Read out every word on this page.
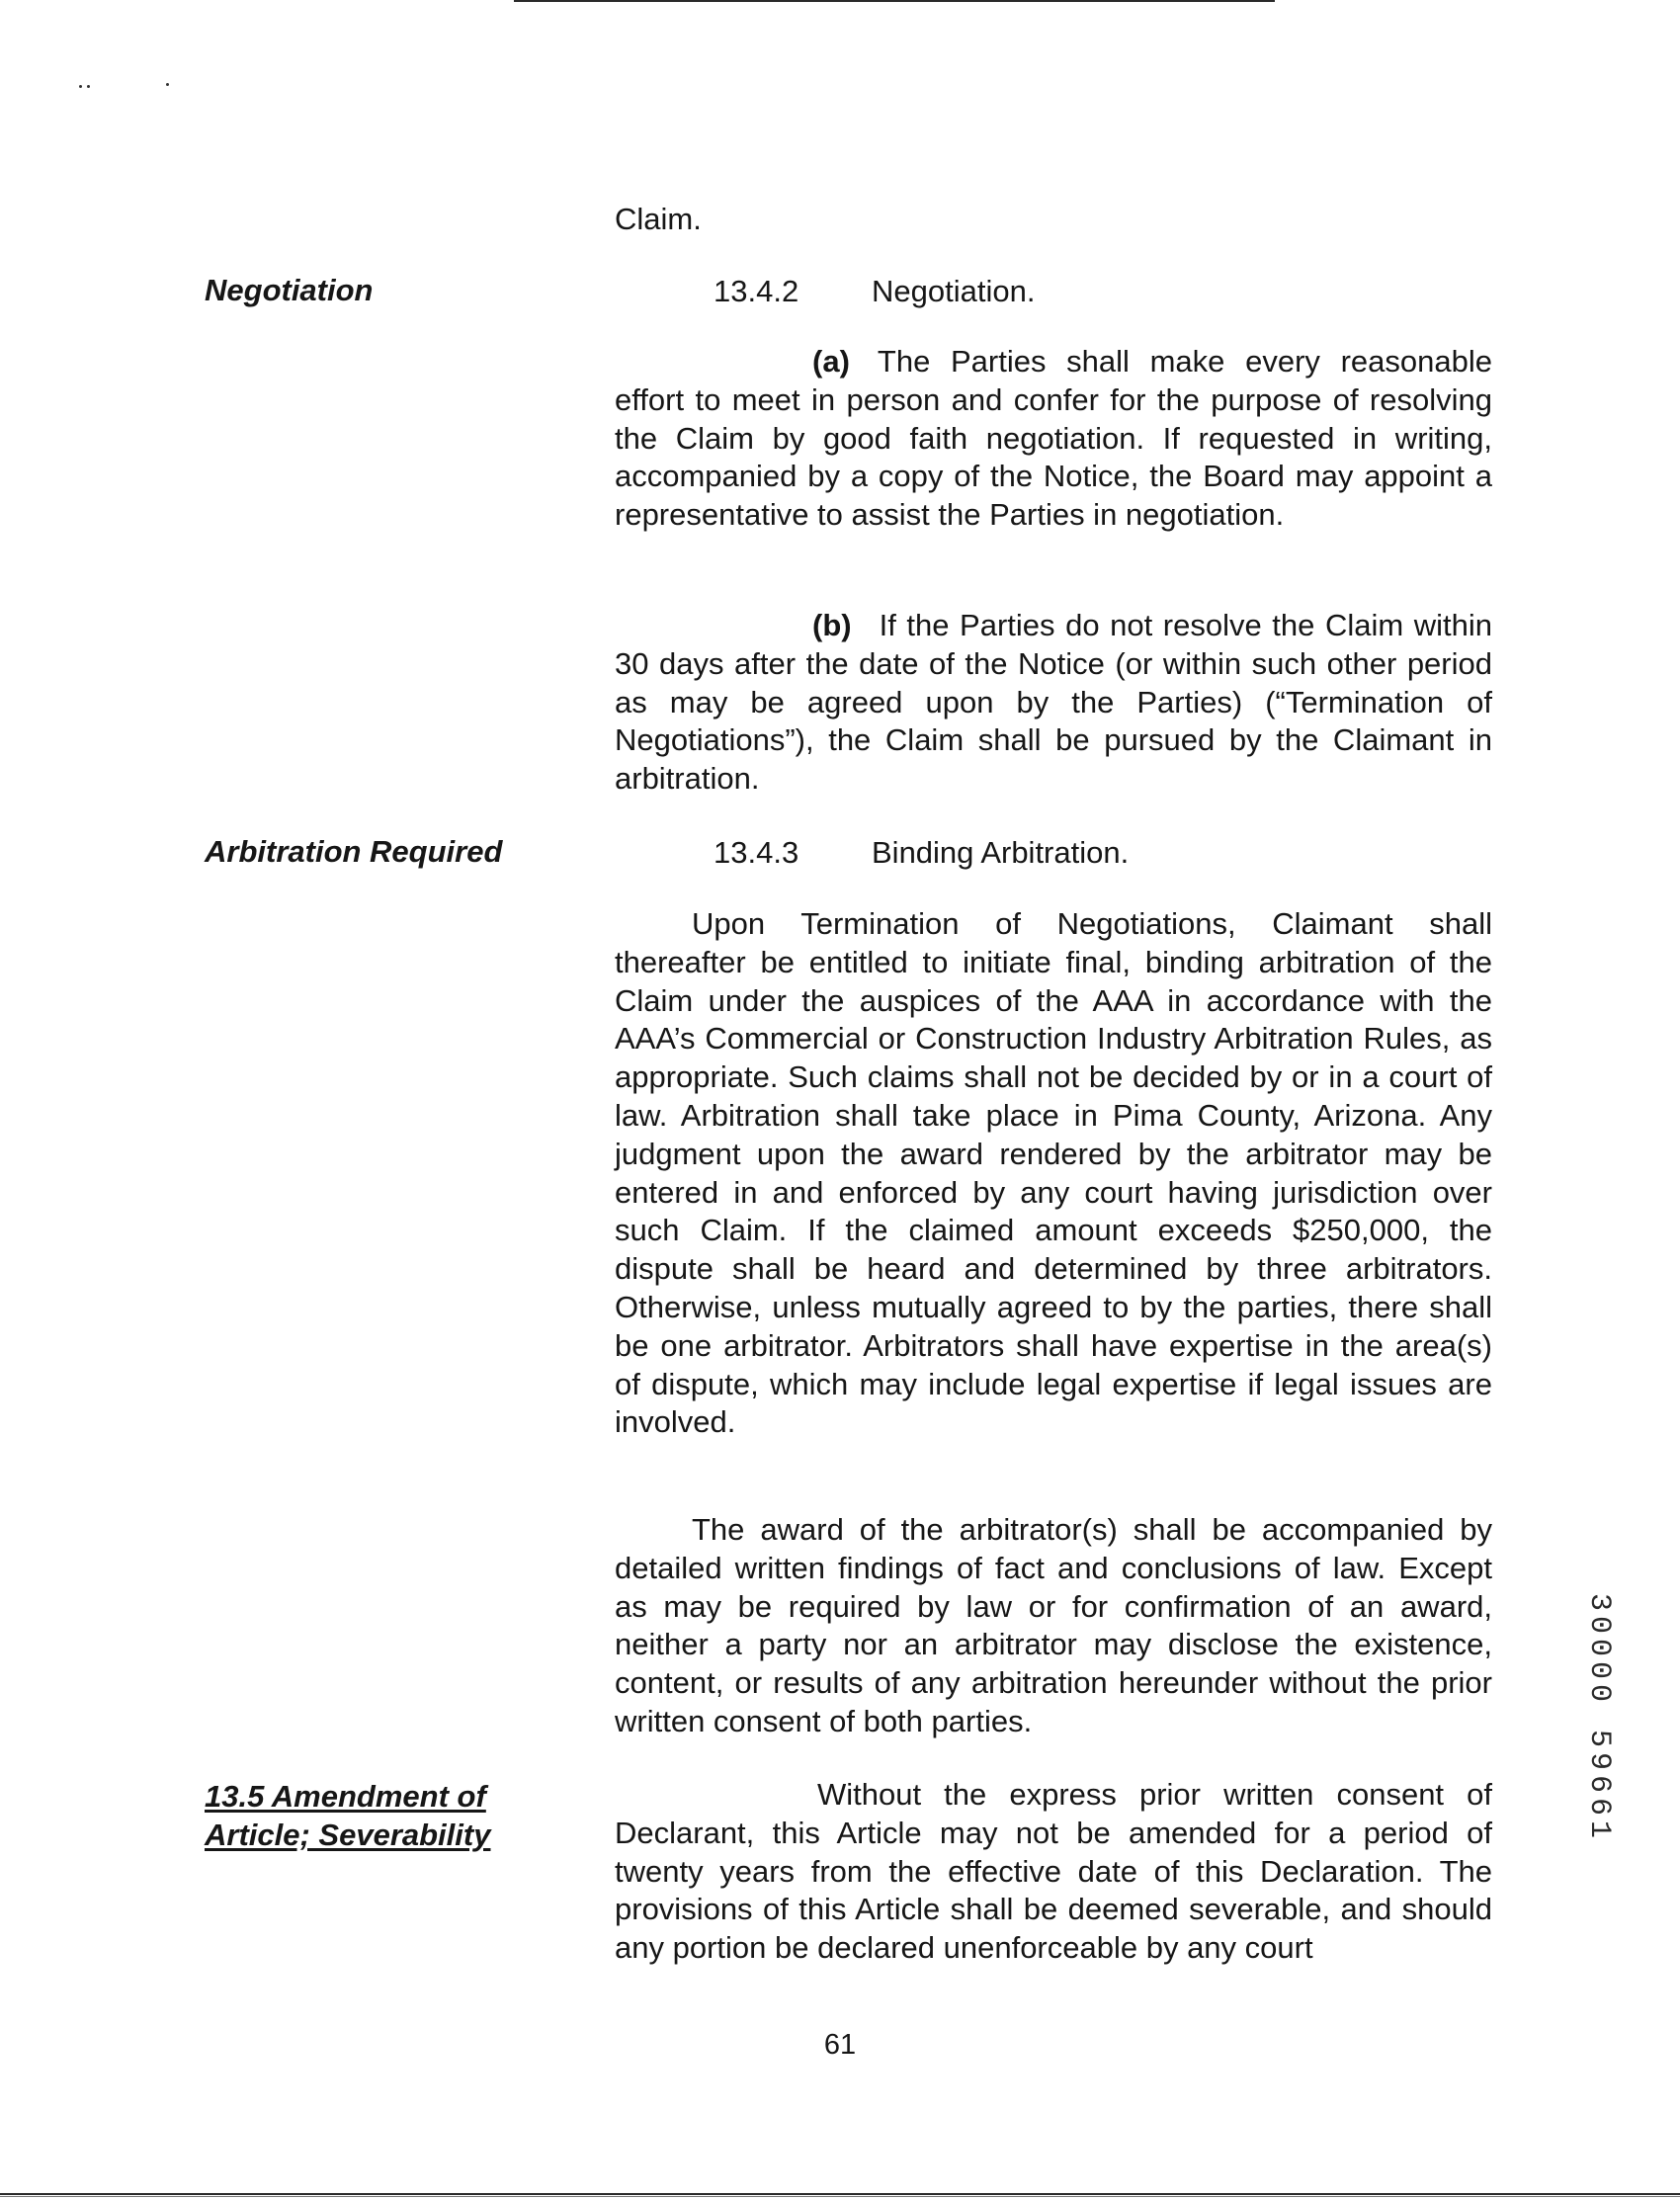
Claim.
Negotiation
Arbitration Required
13.5 Amendment of
Article; Severability
13.4.2 Negotiation.
(a) The Parties shall make every reasonable effort to meet in person and confer for the purpose of resolving the Claim by good faith negotiation. If requested in writing, accompanied by a copy of the Notice, the Board may appoint a representative to assist the Parties in negotiation.
(b) If the Parties do not resolve the Claim within 30 days after the date of the Notice (or within such other period as may be agreed upon by the Parties) (“Termination of Negotiations”), the Claim shall be pursued by the Claimant in arbitration.
13.4.3 Binding Arbitration.
Upon Termination of Negotiations, Claimant shall thereafter be entitled to initiate final, binding arbitration of the Claim under the auspices of the AAA in accordance with the AAA’s Commercial or Construction Industry Arbitration Rules, as appropriate. Such claims shall not be decided by or in a court of law. Arbitration shall take place in Pima County, Arizona. Any judgment upon the award rendered by the arbitrator may be entered in and enforced by any court having jurisdiction over such Claim. If the claimed amount exceeds $250,000, the dispute shall be heard and determined by three arbitrators. Otherwise, unless mutually agreed to by the parties, there shall be one arbitrator. Arbitrators shall have expertise in the area(s) of dispute, which may include legal expertise if legal issues are involved.
The award of the arbitrator(s) shall be accompanied by detailed written findings of fact and conclusions of law. Except as may be required by law or for confirmation of an award, neither a party nor an arbitrator may disclose the existence, content, or results of any arbitration hereunder without the prior written consent of both parties.
Without the express prior written consent of Declarant, this Article may not be amended for a period of twenty years from the effective date of this Declaration. The provisions of this Article shall be deemed severable, and should any portion be declared unenforceable by any court
61
30000 59661
